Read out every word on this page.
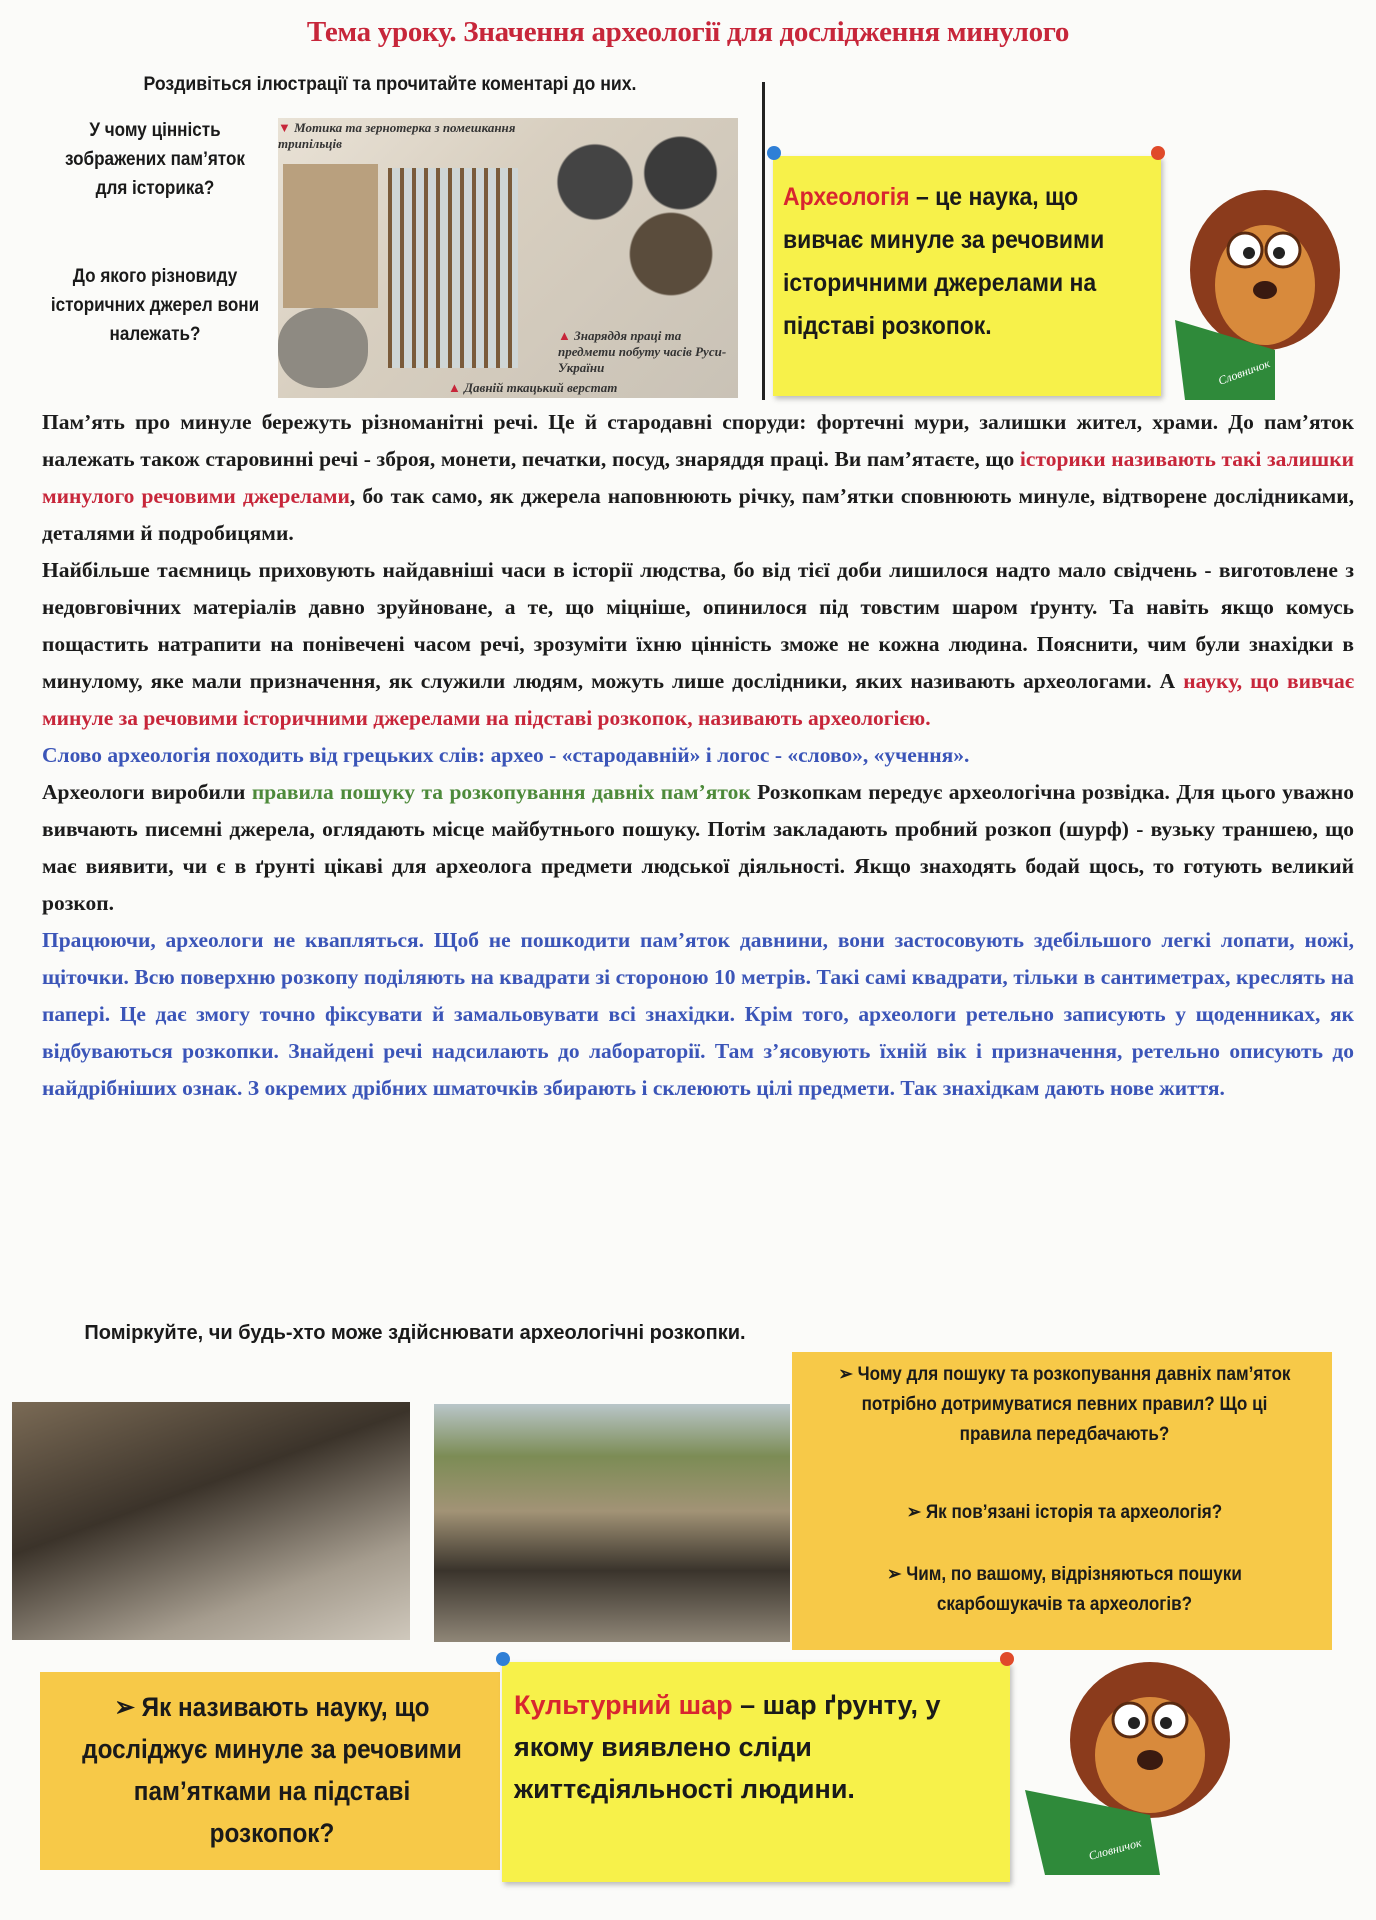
Тема уроку. Значення археології для дослідження минулого
Роздивіться ілюстрації та прочитайте коментарі до них.
У чому цінність зображених пам’яток для історика?
До якого різновиду історичних джерел вони належать?
▼ Мотика та зернотерка з помешкання трипільців
▲ Знаряддя праці та предмети побуту часів Руси-України
▲ Давній ткацький верстат
Археологія – це наука, що вивчає минуле за речовими історичними джерелами на підставі розкопок.
Словничок

Пам’ять про минуле бережуть різноманітні речі. Це й стародавні споруди: фортечні мури, залишки жител, храми. До пам’яток належать також старовинні речі - зброя, монети, печатки, посуд, знаряддя праці. Ви пам’ятаєте, що історики називають такі залишки минулого речовими джерелами, бо так само, як джерела наповнюють річку, пам’ятки сповнюють минуле, відтворене дослідниками, деталями й подробицями.

Найбільше таємниць приховують найдавніші часи в історії людства, бо від тієї доби лишилося надто мало свідчень - виготовлене з недовговічних матеріалів давно зруйноване, а те, що міцніше, опинилося під товстим шаром ґрунту. Та навіть якщо комусь пощастить натрапити на понівечені часом речі, зрозуміти їхню цінність зможе не кожна людина. Пояснити, чим були знахідки в минулому, яке мали призначення, як служили людям, можуть лише дослідники, яких називають археологами. А науку, що вивчає минуле за речовими історичними джерелами на підставі розкопок, називають археологією.

Слово археологія походить від грецьких слів: археo - «стародавній» і логос - «слово», «учення».

Археологи виробили правила пошуку та розкопування давніх пам’яток Розкопкам передує археологічна розвідка. Для цього уважно вивчають писемні джерела, оглядають місце майбутнього пошуку. Потім закладають пробний розкоп (шурф) - вузьку траншею, що має виявити, чи є в ґрунті цікаві для археолога предмети людської діяльності. Якщо знаходять бодай щось, то готують великий розкоп.

Працюючи, археологи не квапляться. Щоб не пошкодити пам’яток давнини, вони застосовують здебільшого легкі лопати, ножі, щіточки. Всю поверхню розкопу поділяють на квадрати зі стороною 10 метрів. Такі самі квадрати, тільки в сантиметрах, креслять на папері. Це дає змогу точно фіксувати й замальовувати всі знахідки. Крім того, археологи ретельно записують у щоденниках, як відбуваються розкопки. Знайдені речі надсилають до лабораторії. Там з’ясовують їхній вік і призначення, ретельно описують до найдрібніших ознак. З окремих дрібних шматочків збирають і склеюють цілі предмети. Так знахідкам дають нове життя.

Поміркуйте, чи будь-хто може здійснювати археологічні розкопки.
➢ Чому для пошуку та розкопування давніх пам’яток потрібно дотримуватися певних правил? Що ці правила передбачають?
➢ Як пов’язані історія та археологія?
➢ Чим, по вашому, відрізняються пошуки скарбошукачів та археологів?
➢ Як називають науку, що досліджує минуле за речовими пам’ятками на підставі розкопок?
Культурний шар – шар ґрунту, у якому виявлено сліди життєдіяльності людини.
Словничок
